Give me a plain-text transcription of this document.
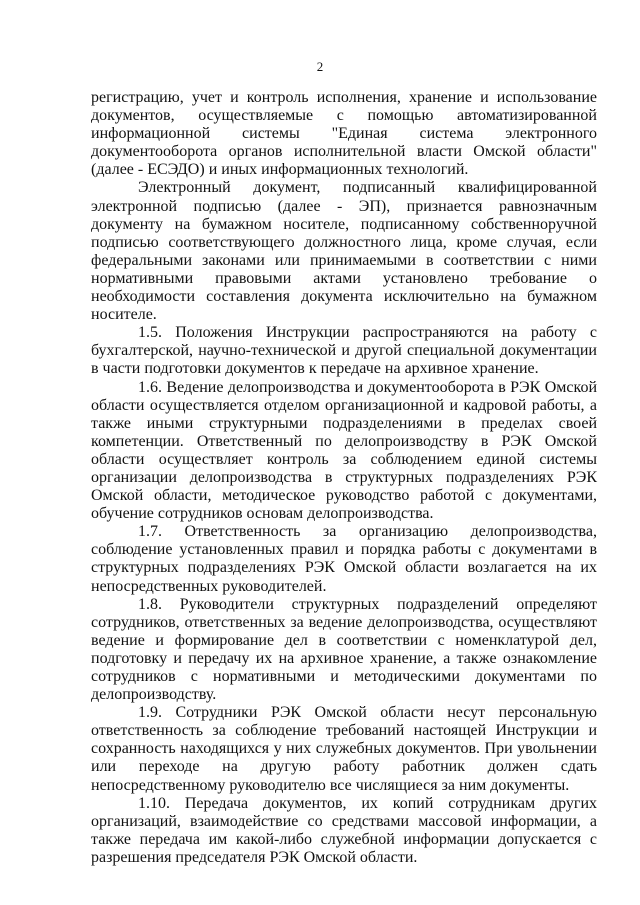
2

регистрацию, учет и контроль исполнения, хранение и использование документов, осуществляемые с помощью автоматизированной информационной системы "Единая система электронного документооборота органов исполнительной власти Омской области" (далее - ЕСЭДО) и иных информационных технологий.

Электронный документ, подписанный квалифицированной электронной подписью (далее - ЭП), признается равнозначным документу на бумажном носителе, подписанному собственноручной подписью соответствующего должностного лица, кроме случая, если федеральными законами или принимаемыми в соответствии с ними нормативными правовыми актами установлено требование о необходимости составления документа исключительно на бумажном носителе.

1.5. Положения Инструкции распространяются на работу с бухгалтерской, научно-технической и другой специальной документации в части подготовки документов к передаче на архивное хранение.

1.6. Ведение делопроизводства и документооборота в РЭК Омской области осуществляется отделом организационной и кадровой работы, а также иными структурными подразделениями в пределах своей компетенции. Ответственный по делопроизводству в РЭК Омской области осуществляет контроль за соблюдением единой системы организации делопроизводства в структурных подразделениях РЭК Омской области, методическое руководство работой с документами, обучение сотрудников основам делопроизводства.

1.7. Ответственность за организацию делопроизводства, соблюдение установленных правил и порядка работы с документами в структурных подразделениях РЭК Омской области возлагается на их непосредственных руководителей.

1.8. Руководители структурных подразделений определяют сотрудников, ответственных за ведение делопроизводства, осуществляют ведение и формирование дел в соответствии с номенклатурой дел, подготовку и передачу их на архивное хранение, а также ознакомление сотрудников с нормативными и методическими документами по делопроизводству.

1.9. Сотрудники РЭК Омской области несут персональную ответственность за соблюдение требований настоящей Инструкции и сохранность находящихся у них служебных документов. При увольнении или переходе на другую работу работник должен сдать непосредственному руководителю все числящиеся за ним документы.

1.10. Передача документов, их копий сотрудникам других организаций, взаимодействие со средствами массовой информации, а также передача им какой-либо служебной информации допускается с разрешения председателя РЭК Омской области.
